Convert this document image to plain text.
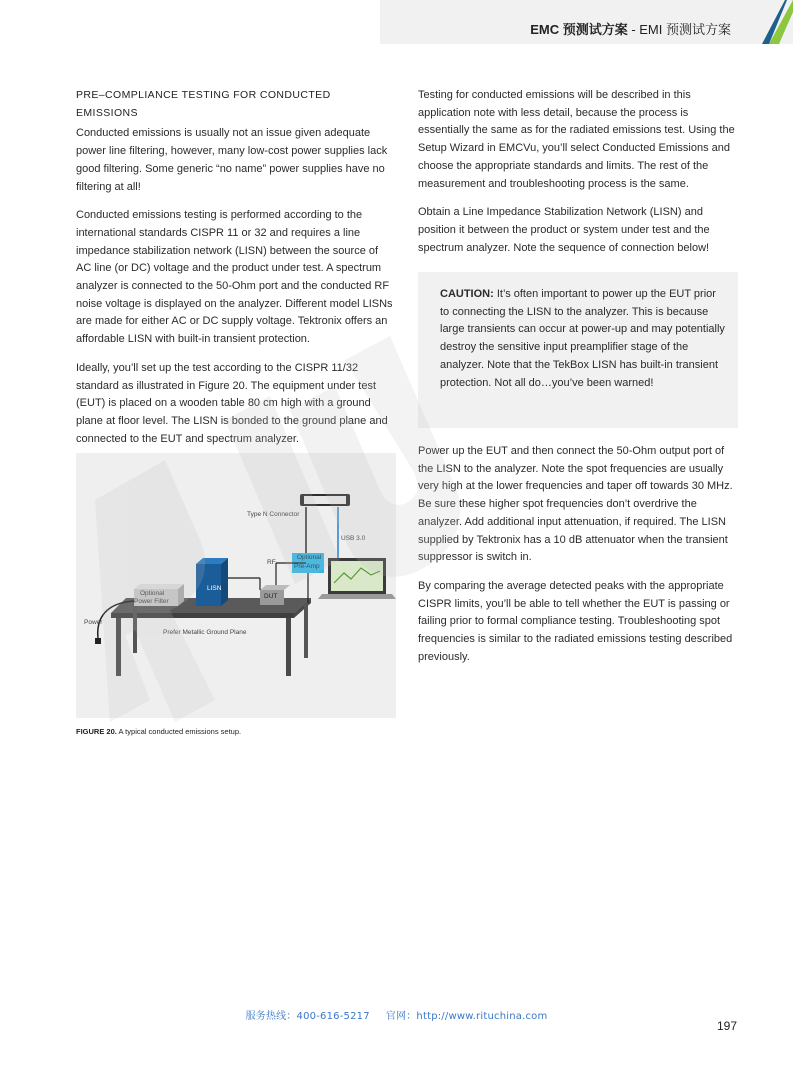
EMC 预测试方案 - EMI 预测试方案
PRE–COMPLIANCE TESTING FOR CONDUCTED EMISSIONS

Conducted emissions is usually not an issue given adequate power line filtering, however, many low-cost power supplies lack good filtering. Some generic “no name” power supplies have no filtering at all!

Conducted emissions testing is performed according to the international standards CISPR 11 or 32 and requires a line impedance stabilization network (LISN) between the source of AC line (or DC) voltage and the product under test. A spectrum analyzer is connected to the 50-Ohm port and the conducted RF noise voltage is displayed on the analyzer. Different model LISNs are made for either AC or DC supply voltage. Tektronix offers an affordable LISN with built-in transient protection.

Ideally, you’ll set up the test according to the CISPR 11/32 standard as illustrated in Figure 20. The equipment under test (EUT) is placed on a wooden table 80 cm high with a ground plane at floor level. The LISN is bonded to the ground plane and connected to the EUT and spectrum analyzer.

Testing for conducted emissions will be described in this application note with less detail, because the process is essentially the same as for the radiated emissions test. Using the Setup Wizard in EMCVu, you’ll select Conducted Emissions and choose the appropriate standards and limits. The rest of the measurement and troubleshooting process is the same.

Obtain a Line Impedance Stabilization Network (LISN) and position it between the product or system under test and the spectrum analyzer. Note the sequence of connection below!

CAUTION: It’s often important to power up the EUT prior to connecting the LISN to the analyzer. This is because large transients can occur at power-up and may potentially destroy the sensitive input preamplifier stage of the analyzer. Note that the TekBox LISN has built-in transient protection. Not all do…you’ve been warned!

Power up the EUT and then connect the 50-Ohm output port of the LISN to the analyzer. Note the spot frequencies are usually very high at the lower frequencies and taper off towards 30 MHz. Be sure these higher spot frequencies don’t overdrive the analyzer. Add additional input attenuation, if required. The LISN supplied by Tektronix has a 10 dB attenuator when the transient suppressor is switch in.

By comparing the average detected peaks with the appropriate CISPR limits, you’ll be able to tell whether the EUT is passing or failing prior to formal compliance testing. Troubleshooting spot frequencies is similar to the radiated emissions testing described previously.

Type N Connector
USB 3.0
RF
Optional
Pre-Amp
LISN
DUT
Optional
Power Filter
Power
Prefer Metallic Ground Plane
FIGURE 20. A typical conducted emissions setup.
服务热线：400-616-5217 官网：http://www.rituchina.com
197
